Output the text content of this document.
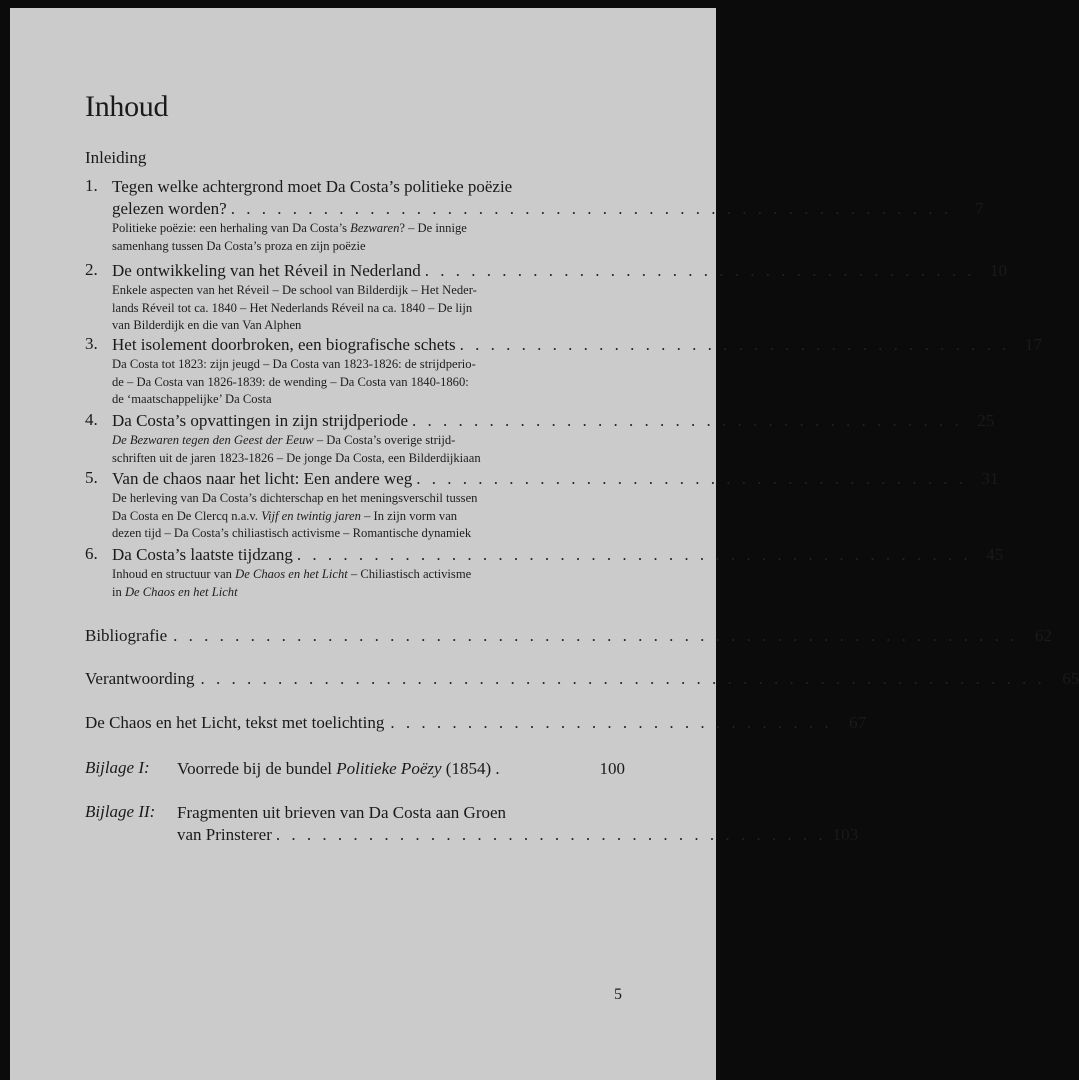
Inhoud
Inleiding
1. Tegen welke achtergrond moet Da Costa’s politieke poëzie
gelezen worden? . . . . . . . . . . . . . . . . . . . . . . . . . . . . . . . . . . . . . . . . . . . . . . .	7
Politieke poëzie: een herhaling van Da Costa’s Bezwaren? – De innige
samenhang tussen Da Costa’s proza en zijn poëzie
2. De ontwikkeling van het Réveil in Nederland . . . . . . . . . . . . . . . . . . . . . . . . . . . . . . . . . . . . 10
Enkele aspecten van het Réveil – De school van Bilderdijk – Het Neder-
lands Réveil tot ca. 1840 – Het Nederlands Réveil na ca. 1840 – De lijn
van Bilderdijk en die van Van Alphen
3. Het isolement doorbroken, een biografische schets . . . . . . . . . . . . . . . . . . . . . . . . . . . . . . . . . . . . 17
Da Costa tot 1823: zijn jeugd – Da Costa van 1823-1826: de strijdperio-
de – Da Costa van 1826-1839: de wending – Da Costa van 1840-1860:
de ‘maatschappelijke’ Da Costa
4. Da Costa’s opvattingen in zijn strijdperiode . . . . . . . . . . . . . . . . . . . . . . . . . . . . . . . . . . . . 25
De Bezwaren tegen den Geest der Eeuw – Da Costa’s overige strijd-
schriften uit de jaren 1823-1826 – De jonge Da Costa, een Bilderdijkiaan
5. Van de chaos naar het licht: Een andere weg . . . . . . . . . . . . . . . . . . . . . . . . . . . . . . . . . . . . 31
De herleving van Da Costa’s dichterschap en het meningsverschil tussen
Da Costa en De Clercq n.a.v. Vijf en twintig jaren – In zijn vorm van
dezen tijd – Da Costa’s chiliastisch activisme – Romantische dynamiek
6. Da Costa’s laatste tijdzang . . . . . . . . . . . . . . . . . . . . . . . . . . . . . . . . . . . . . . . . . . . . 45
Inhoud en structuur van De Chaos en het Licht – Chiliastisch activisme
in De Chaos en het Licht
Bibliografie . . . . . . . . . . . . . . . . . . . . . . . . . . . . . . . . . . . . . . . . . . . . . . . . . . . . . . .	62
Verantwoording . . . . . . . . . . . . . . . . . . . . . . . . . . . . . . . . . . . . . . . . . . . . . . . . . . . . . . .	65
De Chaos en het Licht, tekst met toelichting . . . . . . . . . . . . . . . . . . . . . . . . . . . . .	67
Bijlage I: Voorrede bij de bundel Politieke Poëzy (1854) .	100
Bijlage II: Fragmenten uit brieven van Da Costa aan Groen
van Prinsterer . . . . . . . . . . . . . . . . . . . . . . . . . . . . . . . . . . . . 103
5
